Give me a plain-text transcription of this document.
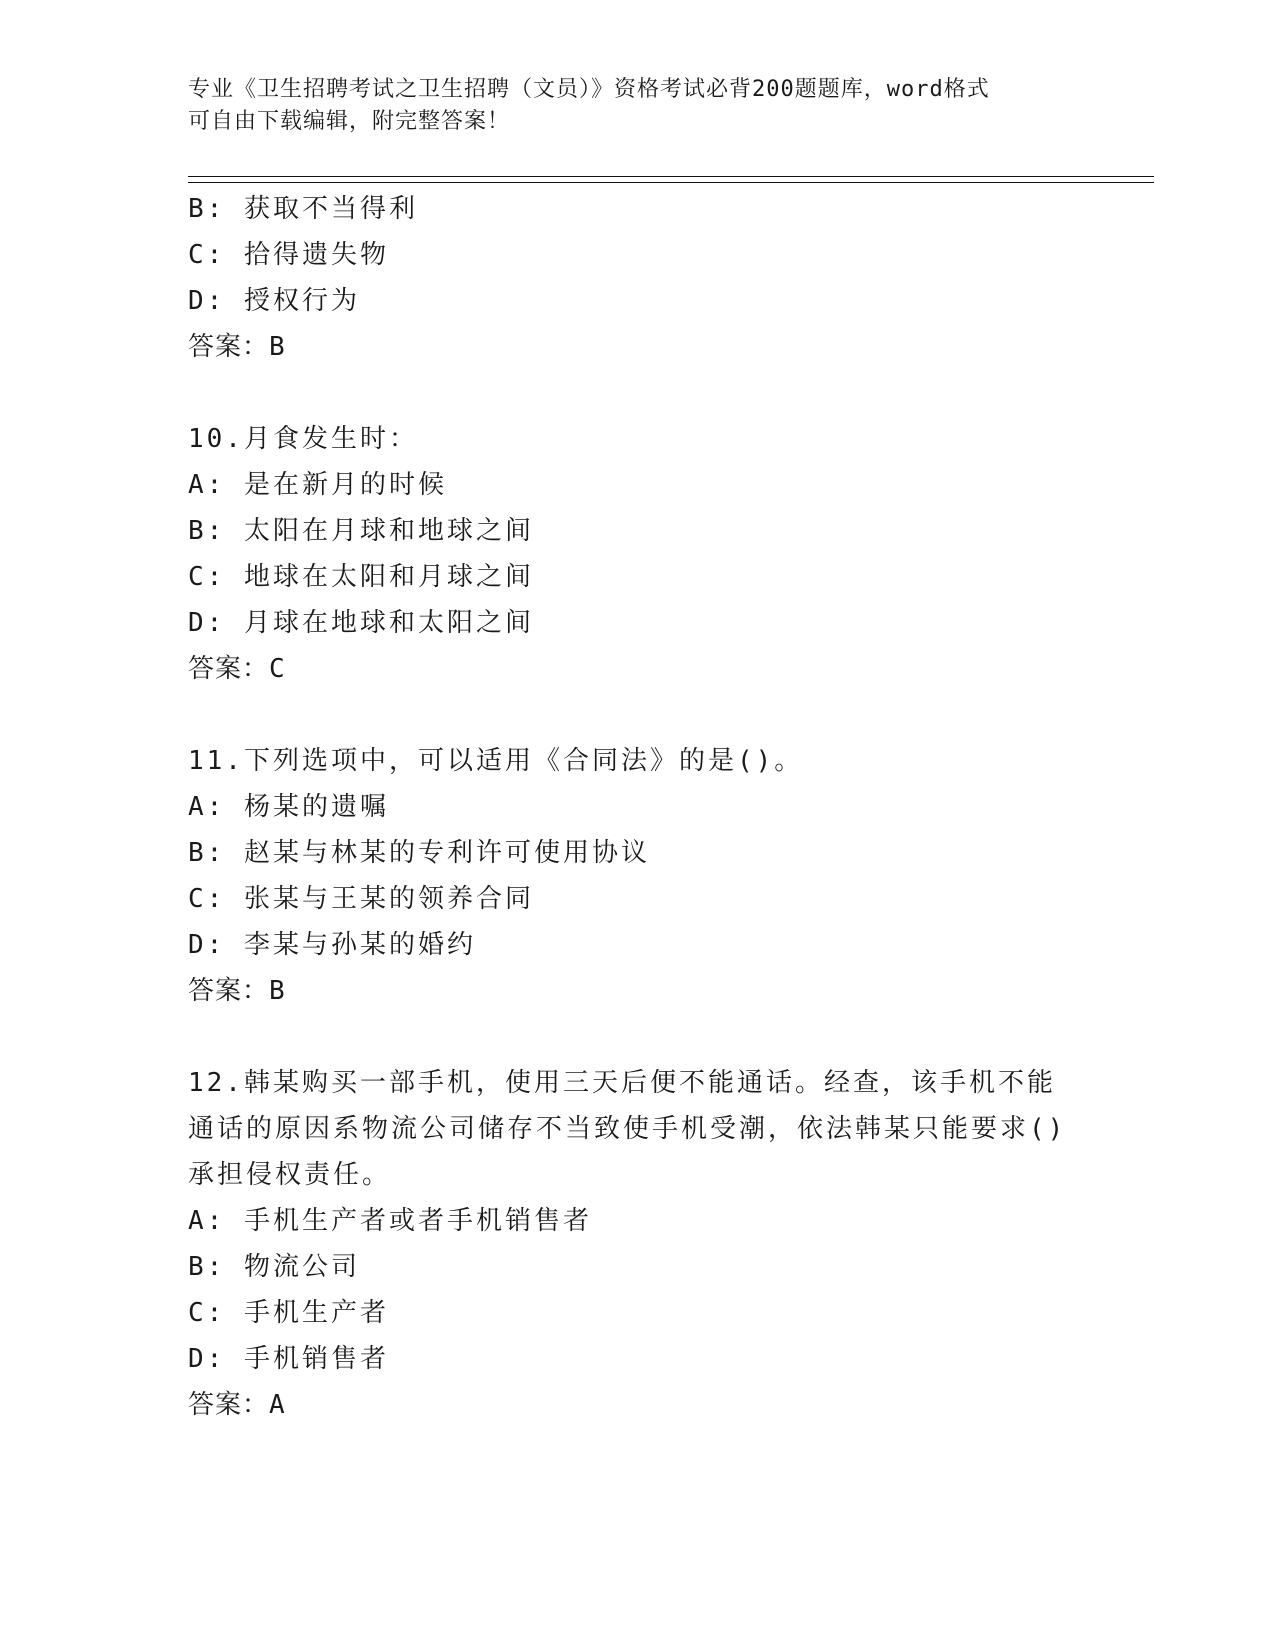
专业《卫生招聘考试之卫生招聘（文员）》资格考试必背200题题库，word格式
可自由下载编辑，附完整答案！
B: 获取不当得利
C: 拾得遗失物
D: 授权行为
答案：B
10.月食发生时：
A: 是在新月的时候
B: 太阳在月球和地球之间
C: 地球在太阳和月球之间
D: 月球在地球和太阳之间
答案：C
11.下列选项中，可以适用《合同法》的是()。
A: 杨某的遗嘱
B: 赵某与林某的专利许可使用协议
C: 张某与王某的领养合同
D: 李某与孙某的婚约
答案：B
12.韩某购买一部手机，使用三天后便不能通话。经查，该手机不能通话的原因系物流公司储存不当致使手机受潮，依法韩某只能要求()承担侵权责任。
A: 手机生产者或者手机销售者
B: 物流公司
C: 手机生产者
D: 手机销售者
答案：A
